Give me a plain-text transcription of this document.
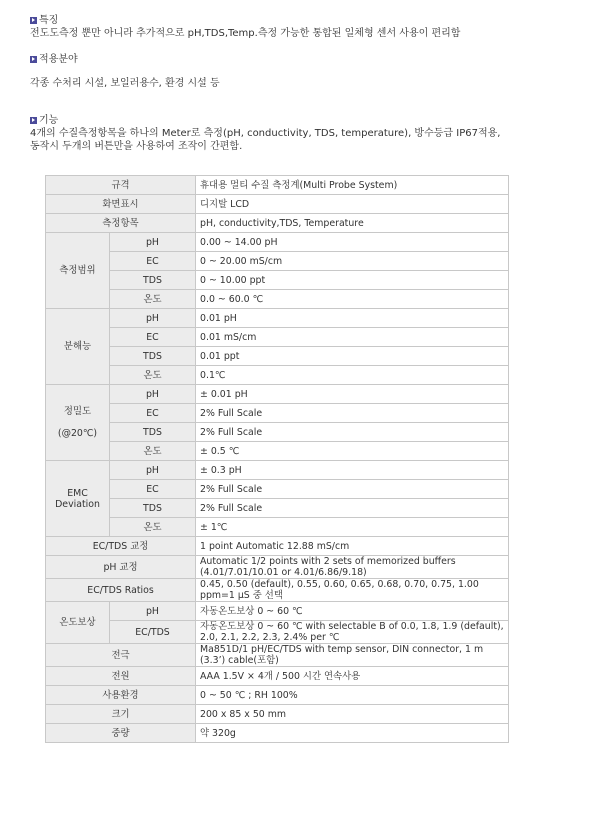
특징
전도도측정 뿐만 아니라 추가적으로 pH,TDS,Temp.측정 가능한 통합된 일체형 센서 사용이 편리함
적용분야
각종 수처리 시설, 보일러용수, 환경 시설 등
기능
4개의 수질측정항목을 하나의 Meter로 측정(pH, conductivity, TDS, temperature), 방수등급 IP67적용,
동작시 두개의 버튼만을 사용하여 조작이 간편함.
규격		휴대용 멀티 수질 측정계(Multi Probe System)
화면표시		디지탈 LCD
측정항목		pH, conductivity,TDS, Temperature
측정범위	pH	0.00 ~ 14.00 pH
	EC	0 ~ 20.00 mS/cm
	TDS	0 ~ 10.00 ppt
	온도	0.0 ~ 60.0 ℃
분해능	pH	0.01 pH
	EC	0.01 mS/cm
	TDS	0.01 ppt
	온도	0.1℃
정밀도

(@20℃)	pH	± 0.01 pH
	EC	2% Full Scale
	TDS	2% Full Scale
	온도	± 0.5 ℃
EMC Deviation	pH	± 0.3 pH
	EC	2% Full Scale
	TDS	2% Full Scale
	온도	± 1℃
EC/TDS 교정		1 point Automatic 12.88 mS/cm
pH 교정		Automatic 1/2 points with 2 sets of memorized buffers (4.01/7.01/10.01 or 4.01/6.86/9.18)
EC/TDS Ratios		0.45, 0.50 (default), 0.55, 0.60, 0.65, 0.68, 0.70, 0.75, 1.00 ppm=1 μS 중 선택
온도보상	pH	자동온도보상 0 ~ 60 ℃
	EC/TDS	자동온도보상 0 ~ 60 ℃ with selectable B of 0.0, 1.8, 1.9 (default), 2.0, 2.1, 2.2, 2.3, 2.4% per ℃
전극		Ma851D/1 pH/EC/TDS with temp sensor, DIN connector, 1 m (3.3’) cable(포함)
전원		AAA 1.5V × 4개 / 500 시간 연속사용
사용환경		0 ~ 50 ℃ ; RH 100%
크기		200 x 85 x 50 mm
중량		약 320g
